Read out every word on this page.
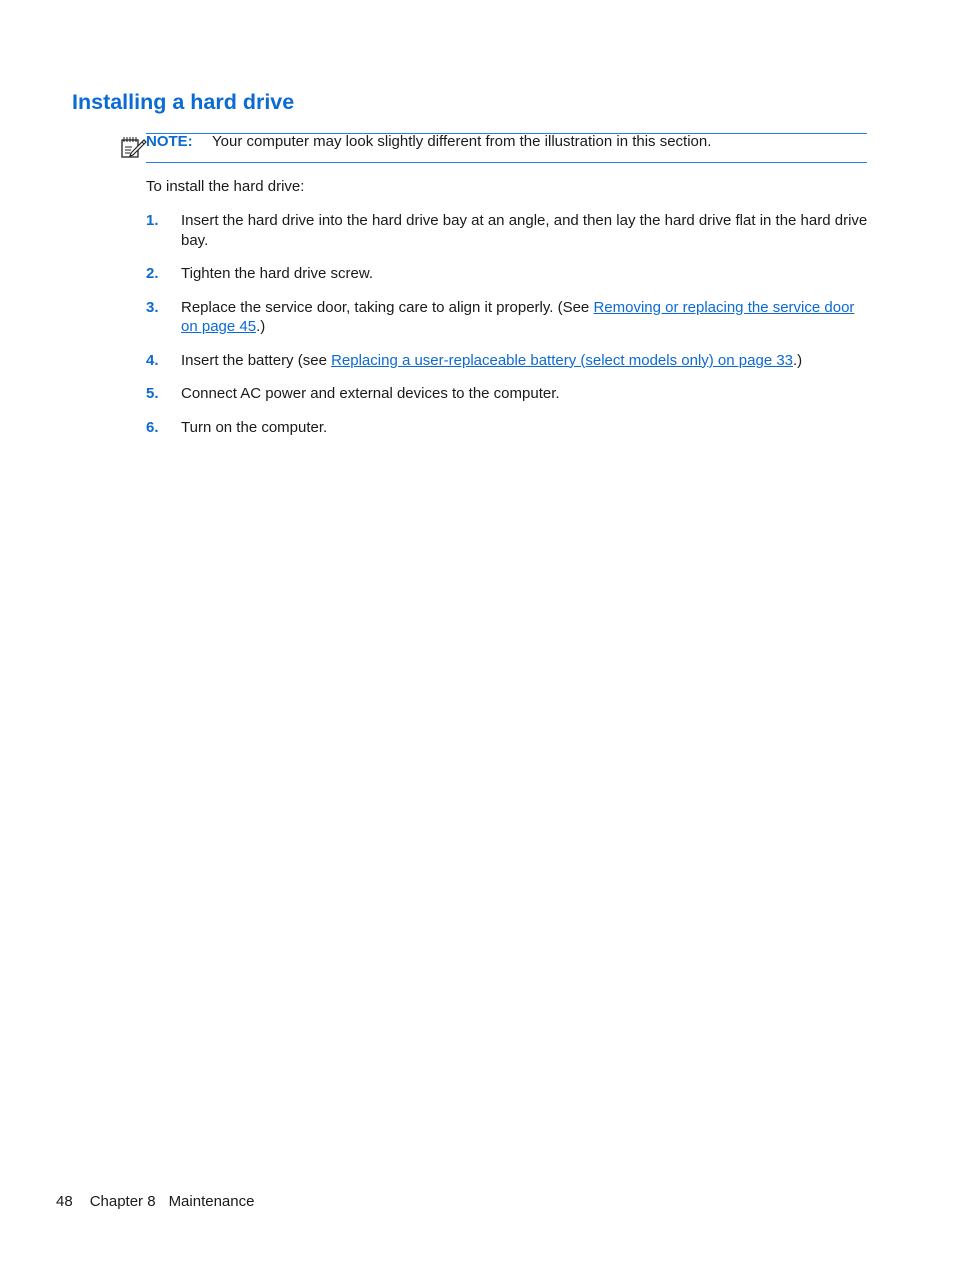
Installing a hard drive
NOTE: Your computer may look slightly different from the illustration in this section.

To install the hard drive:

1. Insert the hard drive into the hard drive bay at an angle, and then lay the hard drive flat in the hard drive bay.
2. Tighten the hard drive screw.
3. Replace the service door, taking care to align it properly. (See Removing or replacing the service door on page 45.)
4. Insert the battery (see Replacing a user-replaceable battery (select models only) on page 33.)
5. Connect AC power and external devices to the computer.
6. Turn on the computer.
48 Chapter 8 Maintenance
